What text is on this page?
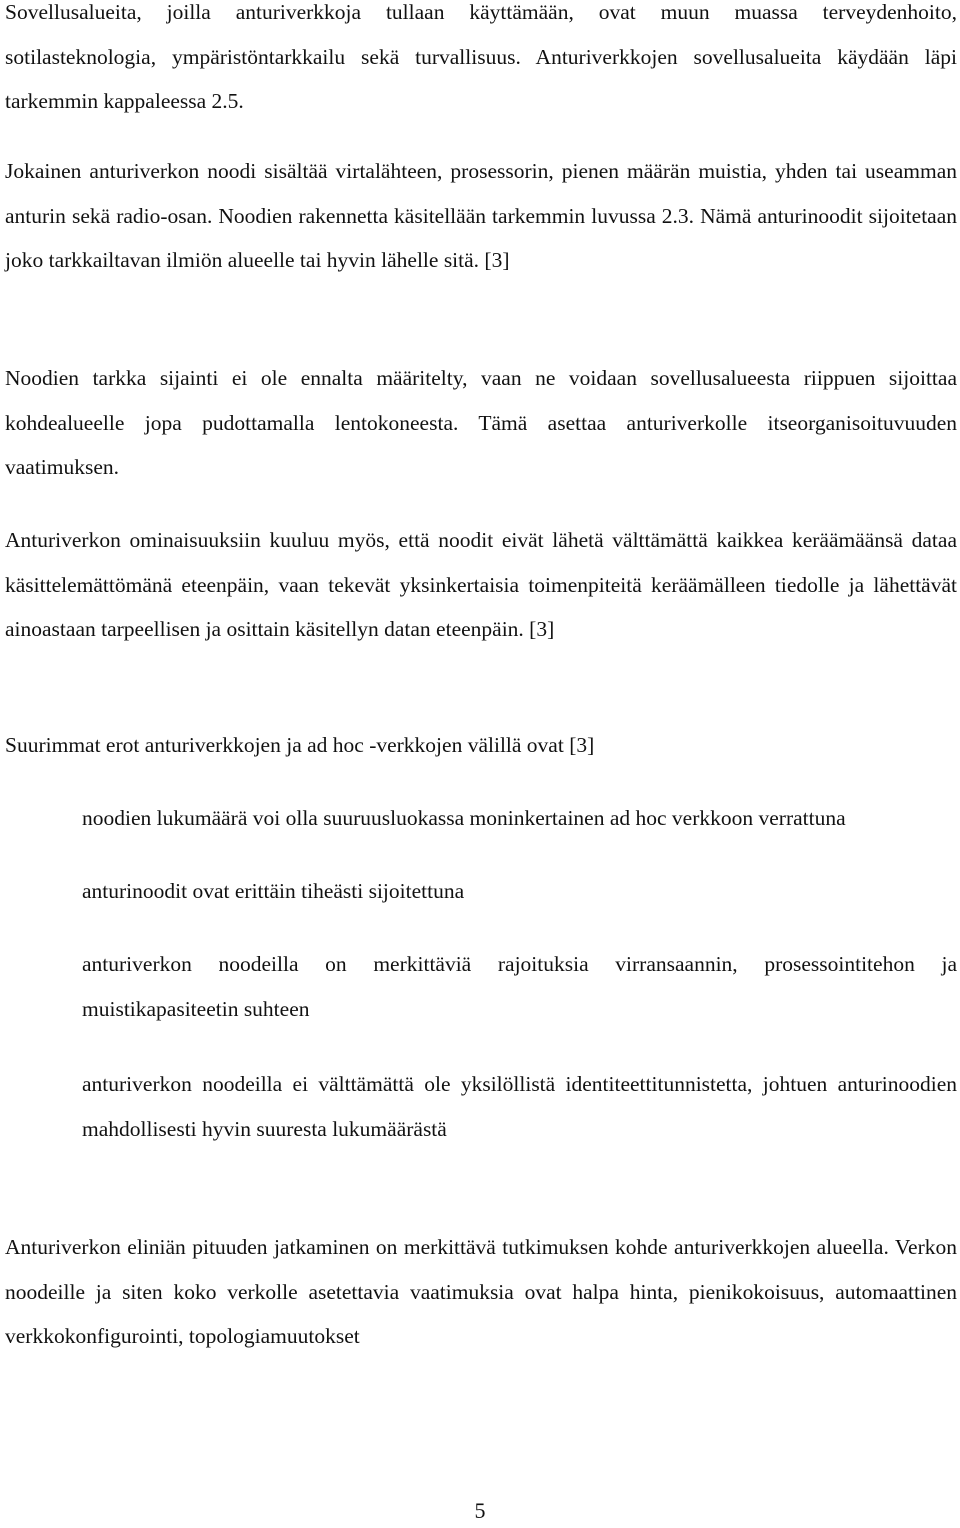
Sovellusalueita, joilla anturiverkkoja tullaan käyttämään, ovat muun muassa terveydenhoito, sotilasteknologia, ympäristöntarkkailu sekä turvallisuus. Anturiverkkojen sovellusalueita käydään läpi tarkemmin kappaleessa 2.5.

Jokainen anturiverkon noodi sisältää virtalähteen, prosessorin, pienen määrän muistia, yhden tai useamman anturin sekä radio-osan. Noodien rakennetta käsitellään tarkemmin luvussa 2.3. Nämä anturinoodit sijoitetaan joko tarkkailtavan ilmiön alueelle tai hyvin lähelle sitä. [3]

Noodien tarkka sijainti ei ole ennalta määritelty, vaan ne voidaan sovellusalueesta riippuen sijoittaa kohdealueelle jopa pudottamalla lentokoneesta. Tämä asettaa anturiverkolle itseorganisoituvuuden vaatimuksen.

Anturiverkon ominaisuuksiin kuuluu myös, että noodit eivät lähetä välttämättä kaikkea keräämäänsä dataa käsittelemättömänä eteenpäin, vaan tekevät yksinkertaisia toimenpiteitä keräämälleen tiedolle ja lähettävät ainoastaan tarpeellisen ja osittain käsitellyn datan eteenpäin. [3]

Suurimmat erot anturiverkkojen ja ad hoc -verkkojen välillä ovat [3]

noodien lukumäärä voi olla suuruusluokassa moninkertainen ad hoc verkkoon verrattuna
anturinoodit ovat erittäin tiheästi sijoitettuna
anturiverkon noodeilla on merkittäviä rajoituksia virransaannin, prosessointitehon ja muistikapasiteetin suhteen
anturiverkon noodeilla ei välttämättä ole yksilöllistä identiteettitunnistetta, johtuen anturinoodien mahdollisesti hyvin suuresta lukumäärästä

Anturiverkon eliniän pituuden jatkaminen on merkittävä tutkimuksen kohde anturiverkkojen alueella. Verkon noodeille ja siten koko verkolle asetettavia vaatimuksia ovat halpa hinta, pienikokoisuus, automaattinen verkkokonfigurointi, topologiamuutokset

5
